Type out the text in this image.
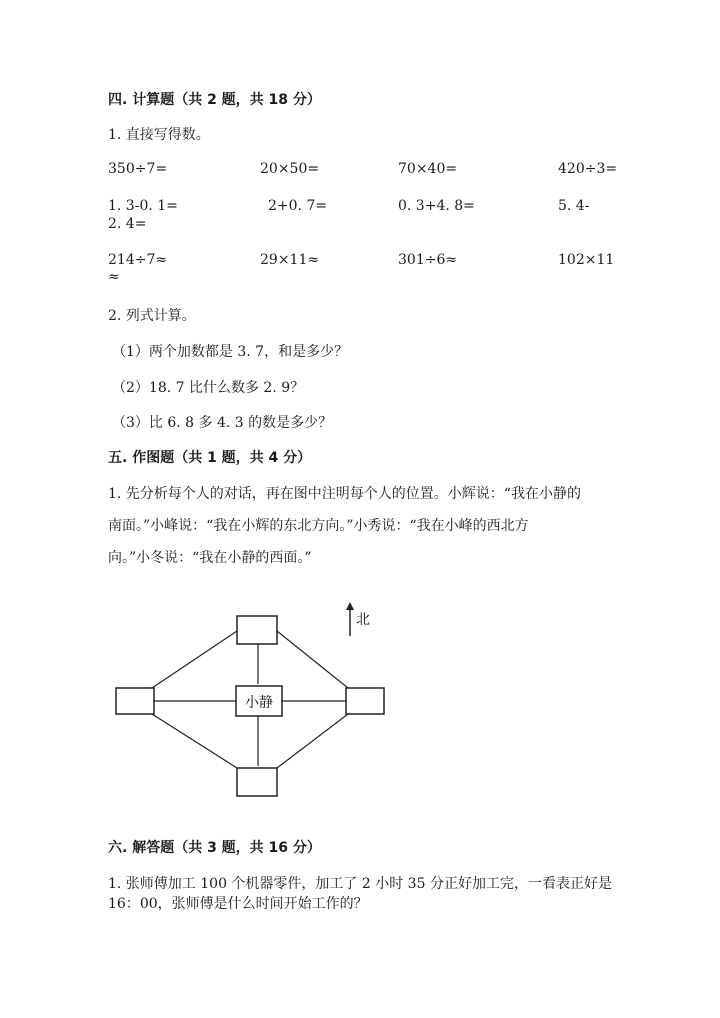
四. 计算题（共 2 题，共 18 分）
1. 直接写得数。
350÷7=	20×50=	70×40=	420÷3=
1. 3-0. 1=	2+0. 7=	0. 3+4. 8=	5. 4-
2. 4=
214÷7≈	29×11≈	301÷6≈	102×11
≈
2. 列式计算。
（1）两个加数都是 3. 7，和是多少？
（2）18. 7 比什么数多 2. 9？
（3）比 6. 8 多 4. 3 的数是多少？
五. 作图题（共 1 题，共 4 分）
1. 先分析每个人的对话，再在图中注明每个人的位置。小辉说：“我在小静的
南面。”小峰说：“我在小辉的东北方向。”小秀说：“我在小峰的西北方
向。”小冬说：“我在小静的西面。”
小静
北
六. 解答题（共 3 题，共 16 分）
1. 张师傅加工 100 个机器零件，加工了 2 小时 35 分正好加工完，一看表正好是
16：00，张师傅是什么时间开始工作的？
